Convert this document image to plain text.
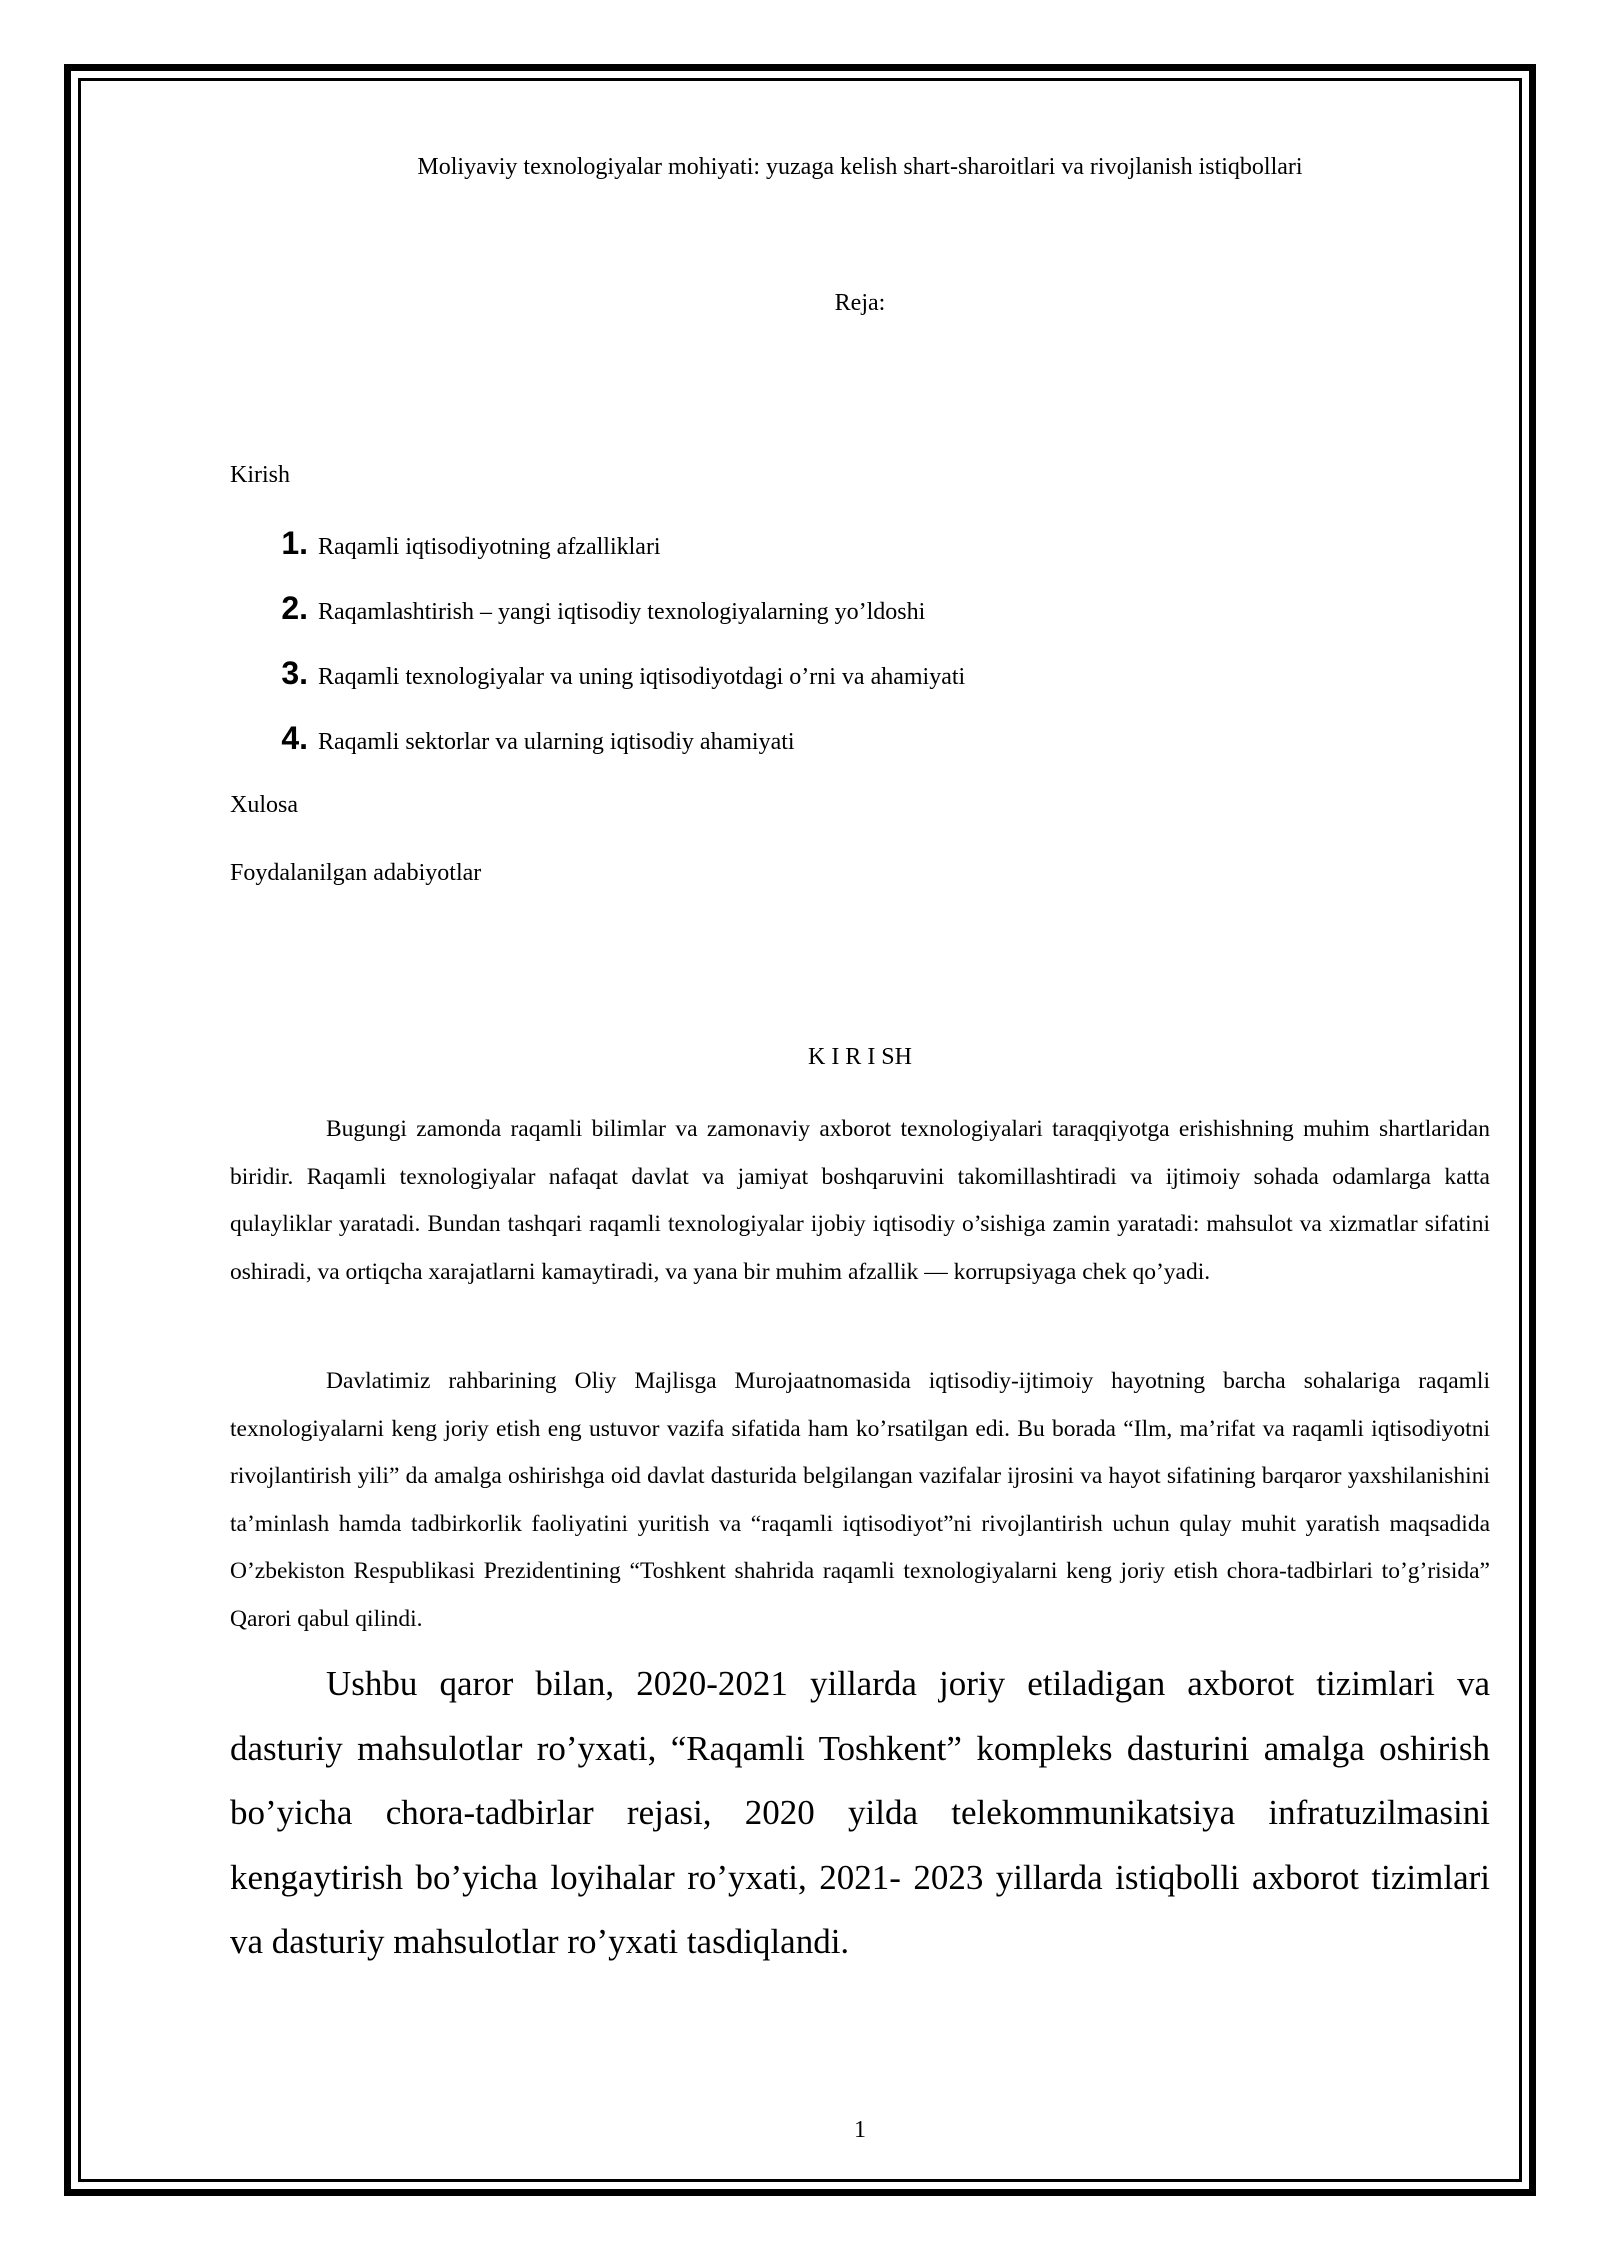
Moliyaviy texnologiyalar mohiyati: yuzaga kelish shart-sharoitlari va rivojlanish istiqbollari
Reja:
Kirish
1. Raqamli iqtisodiyotning afzalliklari
2. Raqamlashtirish – yangi iqtisodiy texnologiyalarning yo’ldoshi
3. Raqamli texnologiyalar va uning iqtisodiyotdagi o’rni va ahamiyati
4. Raqamli sektorlar va ularning iqtisodiy ahamiyati
Xulosa
Foydalanilgan adabiyotlar
K I R I SH

Bugungi zamonda raqamli bilimlar va zamonaviy axborot texnologiyalari taraqqiyotga erishishning muhim shartlaridan biridir. Raqamli texnologiyalar nafaqat davlat va jamiyat boshqaruvini takomillashtiradi va ijtimoiy sohada odamlarga katta qulayliklar yaratadi. Bundan tashqari raqamli texnologiyalar ijobiy iqtisodiy o’sishiga zamin yaratadi: mahsulot va xizmatlar sifatini oshiradi, va ortiqcha xarajatlarni kamaytiradi, va yana bir muhim afzallik — korrupsiyaga chek qo’yadi.

Davlatimiz rahbarining Oliy Majlisga Murojaatnomasida iqtisodiy-ijtimoiy hayotning barcha sohalariga raqamli texnologiyalarni keng joriy etish eng ustuvor vazifa sifatida ham ko’rsatilgan edi. Bu borada “Ilm, ma’rifat va raqamli iqtisodiyotni rivojlantirish yili” da amalga oshirishga oid davlat dasturida belgilangan vazifalar ijrosini va hayot sifatining barqaror yaxshilanishini ta’minlash hamda tadbirkorlik faoliyatini yuritish va “raqamli iqtisodiyot”ni rivojlantirish uchun qulay muhit yaratish maqsadida O’zbekiston Respublikasi Prezidentining “Toshkent shahrida raqamli texnologiyalarni keng joriy etish chora-tadbirlari to’g’risida” Qarori qabul qilindi.

Ushbu qaror bilan, 2020-2021 yillarda joriy etiladigan axborot tizimlari va dasturiy mahsulotlar ro’yxati, “Raqamli Toshkent” kompleks dasturini amalga oshirish bo’yicha chora-tadbirlar rejasi, 2020 yilda telekommunikatsiya infratuzilmasini kengaytirish bo’yicha loyihalar ro’yxati, 2021- 2023 yillarda istiqbolli axborot tizimlari va dasturiy mahsulotlar ro’yxati tasdiqlandi.

1
